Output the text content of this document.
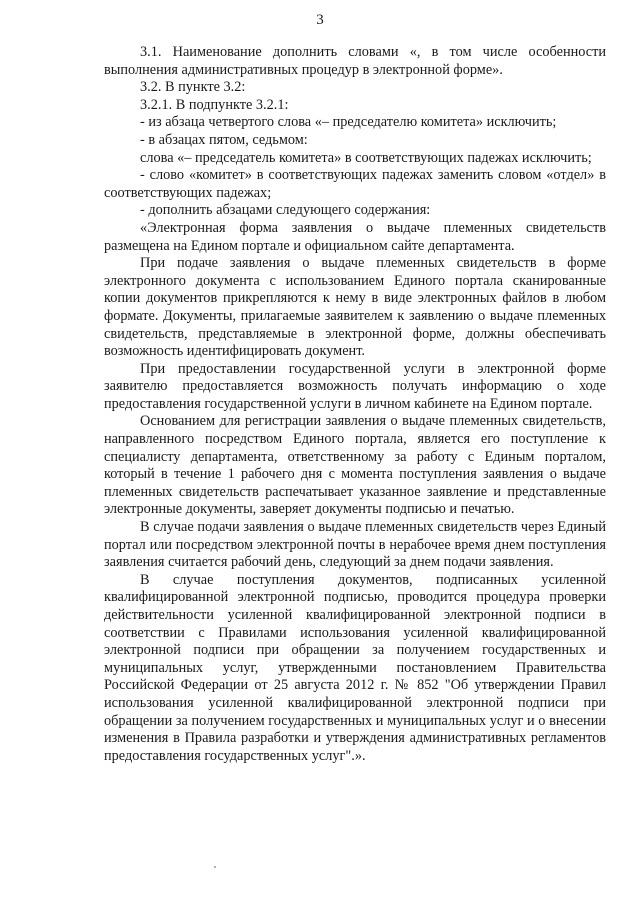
3

3.1. Наименование дополнить словами «, в том числе особенности выполнения административных процедур в электронной форме».

3.2. В пункте 3.2:

3.2.1. В подпункте 3.2.1:

- из абзаца четвертого слова «– председателю комитета» исключить;

- в абзацах пятом, седьмом:

слова «– председатель комитета» в соответствующих падежах исключить;

- слово «комитет» в соответствующих падежах заменить словом «отдел» в соответствующих падежах;

- дополнить абзацами следующего содержания:

«Электронная форма заявления о выдаче племенных свидетельств размещена на Едином портале и официальном сайте департамента.

При подаче заявления о выдаче племенных свидетельств в форме электронного документа с использованием Единого портала сканированные копии документов прикрепляются к нему в виде электронных файлов в любом формате. Документы, прилагаемые заявителем к заявлению о выдаче племенных свидетельств, представляемые в электронной форме, должны обеспечивать возможность идентифицировать документ.

При предоставлении государственной услуги в электронной форме заявителю предоставляется возможность получать информацию о ходе предоставления государственной услуги в личном кабинете на Едином портале.

Основанием для регистрации заявления о выдаче племенных свидетельств, направленного посредством Единого портала, является его поступление к специалисту департамента, ответственному за работу с Единым порталом, который в течение 1 рабочего дня с момента поступления заявления о выдаче племенных свидетельств распечатывает указанное заявление и представленные электронные документы, заверяет документы подписью и печатью.

В случае подачи заявления о выдаче племенных свидетельств через Единый портал или посредством электронной почты в нерабочее время днем поступления заявления считается рабочий день, следующий за днем подачи заявления.

В случае поступления документов, подписанных усиленной квалифицированной электронной подписью, проводится процедура проверки действительности усиленной квалифицированной электронной подписи в соответствии с Правилами использования усиленной квалифицированной электронной подписи при обращении за получением государственных и муниципальных услуг, утвержденными постановлением Правительства Российской Федерации от 25 августа 2012 г. № 852 "Об утверждении Правил использования усиленной квалифицированной электронной подписи при обращении за получением государственных и муниципальных услуг и о внесении изменения в Правила разработки и утверждения административных регламентов предоставления государственных услуг".».
